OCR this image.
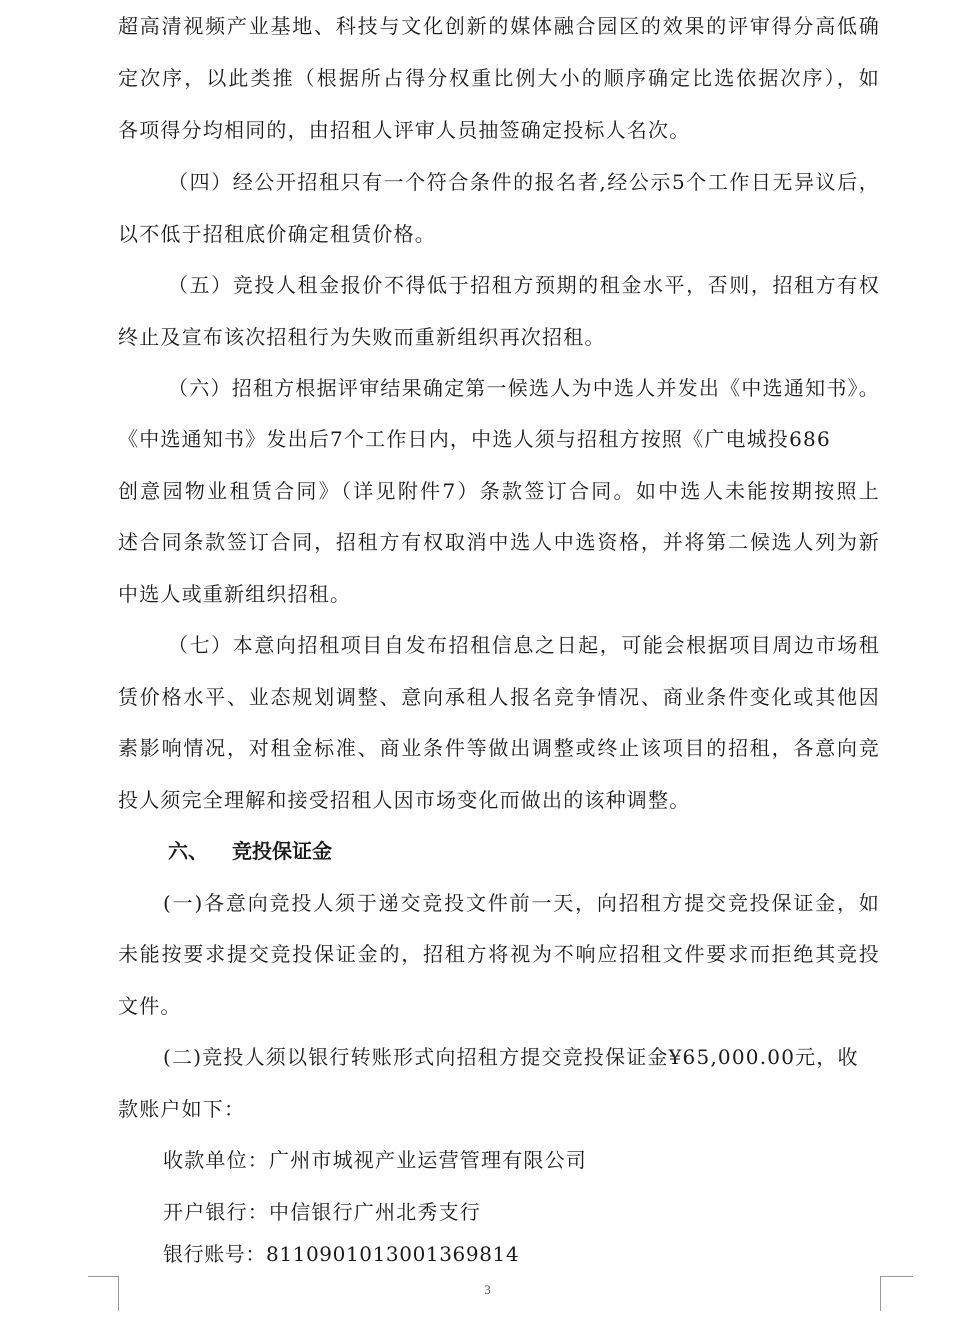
超高清视频产业基地、科技与文化创新的媒体融合园区的效果的评审得分高低确
定次序，以此类推（根据所占得分权重比例大小的顺序确定比选依据次序），如
各项得分均相同的，由招租人评审人员抽签确定投标人名次。
（四）经公开招租只有一个符合条件的报名者,经公示5个工作日无异议后，
以不低于招租底价确定租赁价格。
（五）竞投人租金报价不得低于招租方预期的租金水平，否则，招租方有权
终止及宣布该次招租行为失败而重新组织再次招租。
（六）招租方根据评审结果确定第一候选人为中选人并发出《中选通知书》。
《中选通知书》发出后7个工作日内，中选人须与招租方按照《广电城投686
创意园物业租赁合同》（详见附件7）条款签订合同。如中选人未能按期按照上
述合同条款签订合同，招租方有权取消中选人中选资格，并将第二候选人列为新
中选人或重新组织招租。
（七）本意向招租项目自发布招租信息之日起，可能会根据项目周边市场租
赁价格水平、业态规划调整、意向承租人报名竞争情况、商业条件变化或其他因
素影响情况，对租金标准、商业条件等做出调整或终止该项目的招租，各意向竞
投人须完全理解和接受招租人因市场变化而做出的该种调整。
六、 竞投保证金
(一)各意向竞投人须于递交竞投文件前一天，向招租方提交竞投保证金，如
未能按要求提交竞投保证金的，招租方将视为不响应招租文件要求而拒绝其竞投
文件。
(二)竞投人须以银行转账形式向招租方提交竞投保证金¥65,000.00元，收
款账户如下：
收款单位：广州市城视产业运营管理有限公司
开户银行：中信银行广州北秀支行
银行账号：8110901013001369814
3
